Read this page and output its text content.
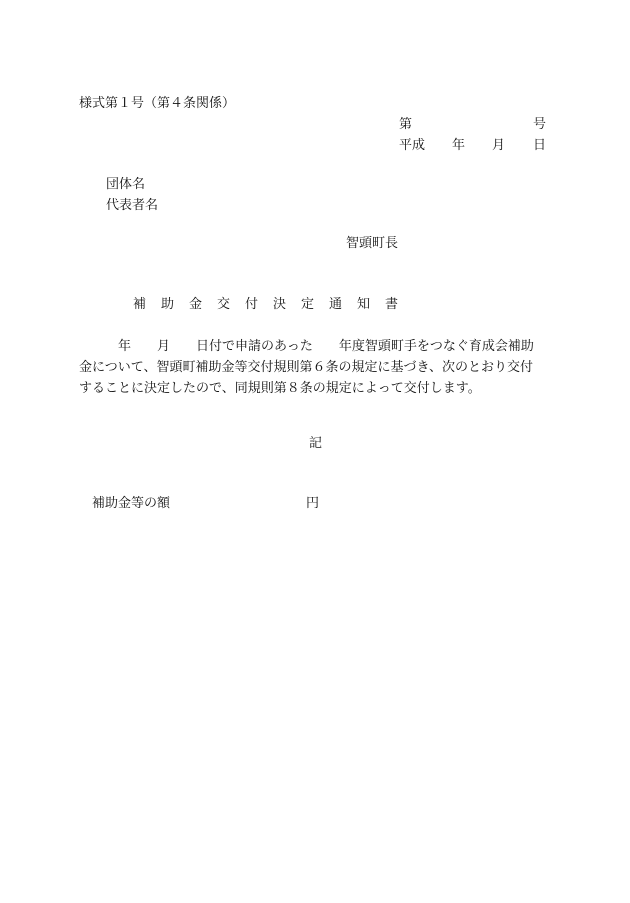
様式第１号（第４条関係）
第	号
平成 年 月 日
団体名
代表者名
智頭町長
補 助 金 交 付 決 定 通 知 書
　　　年　　月　　日付で申請のあった　　年度智頭町手をつなぐ育成会補助
金について、智頭町補助金等交付規則第６条の規定に基づき、次のとおり交付
することに決定したので、同規則第８条の規定によって交付します。
記
補助金等の額	円
